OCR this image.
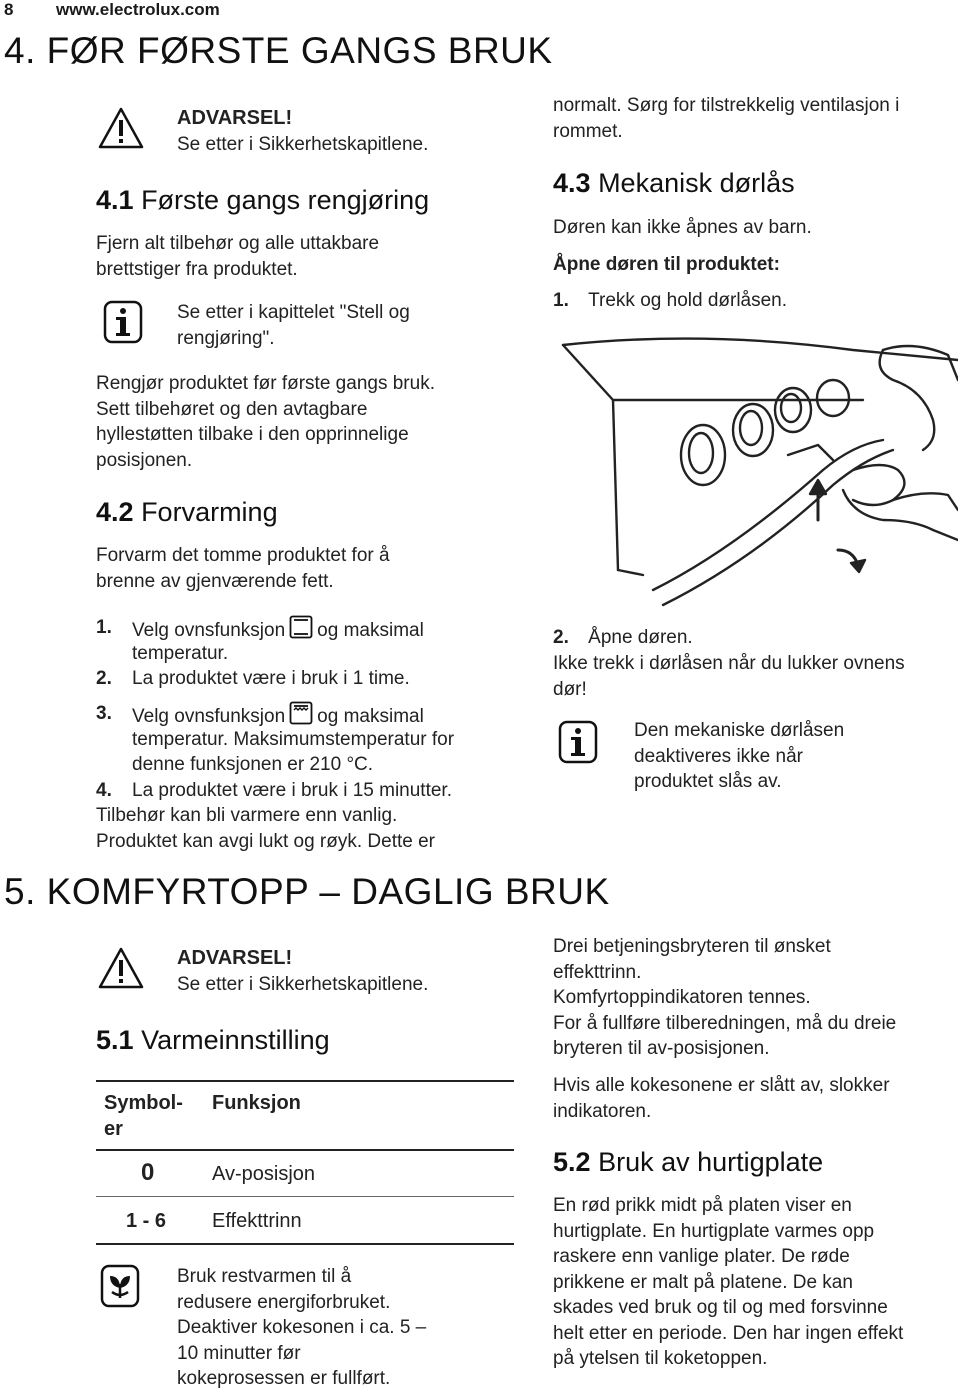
8	www.electrolux.com
4. FØR FØRSTE GANGS BRUK
ADVARSEL!
Se etter i Sikkerhetskapitlene.
4.1 Første gangs rengjøring
Fjern alt tilbehør og alle uttakbare
brettstiger fra produktet.
Se etter i kapittelet "Stell og
rengjøring".
Rengjør produktet før første gangs bruk.
Sett tilbehøret og den avtagbare
hyllestøtten tilbake i den opprinnelige
posisjonen.
4.2 Forvarming
Forvarm det tomme produktet for å
brenne av gjenværende fett.
1. Velg ovnsfunksjon og maksimal
temperatur.
2. La produktet være i bruk i 1 time.
3. Velg ovnsfunksjon og maksimal
temperatur. Maksimumstemperatur for
denne funksjonen er 210 °C.
4. La produktet være i bruk i 15 minutter.
Tilbehør kan bli varmere enn vanlig.
Produktet kan avgi lukt og røyk. Dette er
normalt. Sørg for tilstrekkelig ventilasjon i
rommet.
4.3 Mekanisk dørlås
Døren kan ikke åpnes av barn.
Åpne døren til produktet:
1. Trekk og hold dørlåsen.
2. Åpne døren.
Ikke trekk i dørlåsen når du lukker ovnens
dør!
Den mekaniske dørlåsen
deaktiveres ikke når
produktet slås av.
5. KOMFYRTOPP – DAGLIG BRUK
ADVARSEL!
Se etter i Sikkerhetskapitlene.
5.1 Varmeinnstilling
Symbol-
er
Funksjon
0	Av-posisjon
1 - 6 Effekttrinn
Bruk restvarmen til å
redusere energiforbruket.
Deaktiver kokesonen i ca. 5 –
10 minutter før
kokeprosessen er fullført.
Drei betjeningsbryteren til ønsket
effekttrinn.
Komfyrtoppindikatoren tennes.
For å fullføre tilberedningen, må du dreie
bryteren til av-posisjonen.
Hvis alle kokesonene er slått av, slokker
indikatoren.
5.2 Bruk av hurtigplate
En rød prikk midt på platen viser en
hurtigplate. En hurtigplate varmes opp
raskere enn vanlige plater. De røde
prikkene er malt på platene. De kan
skades ved bruk og til og med forsvinne
helt etter en periode. Den har ingen effekt
på ytelsen til koketoppen.
